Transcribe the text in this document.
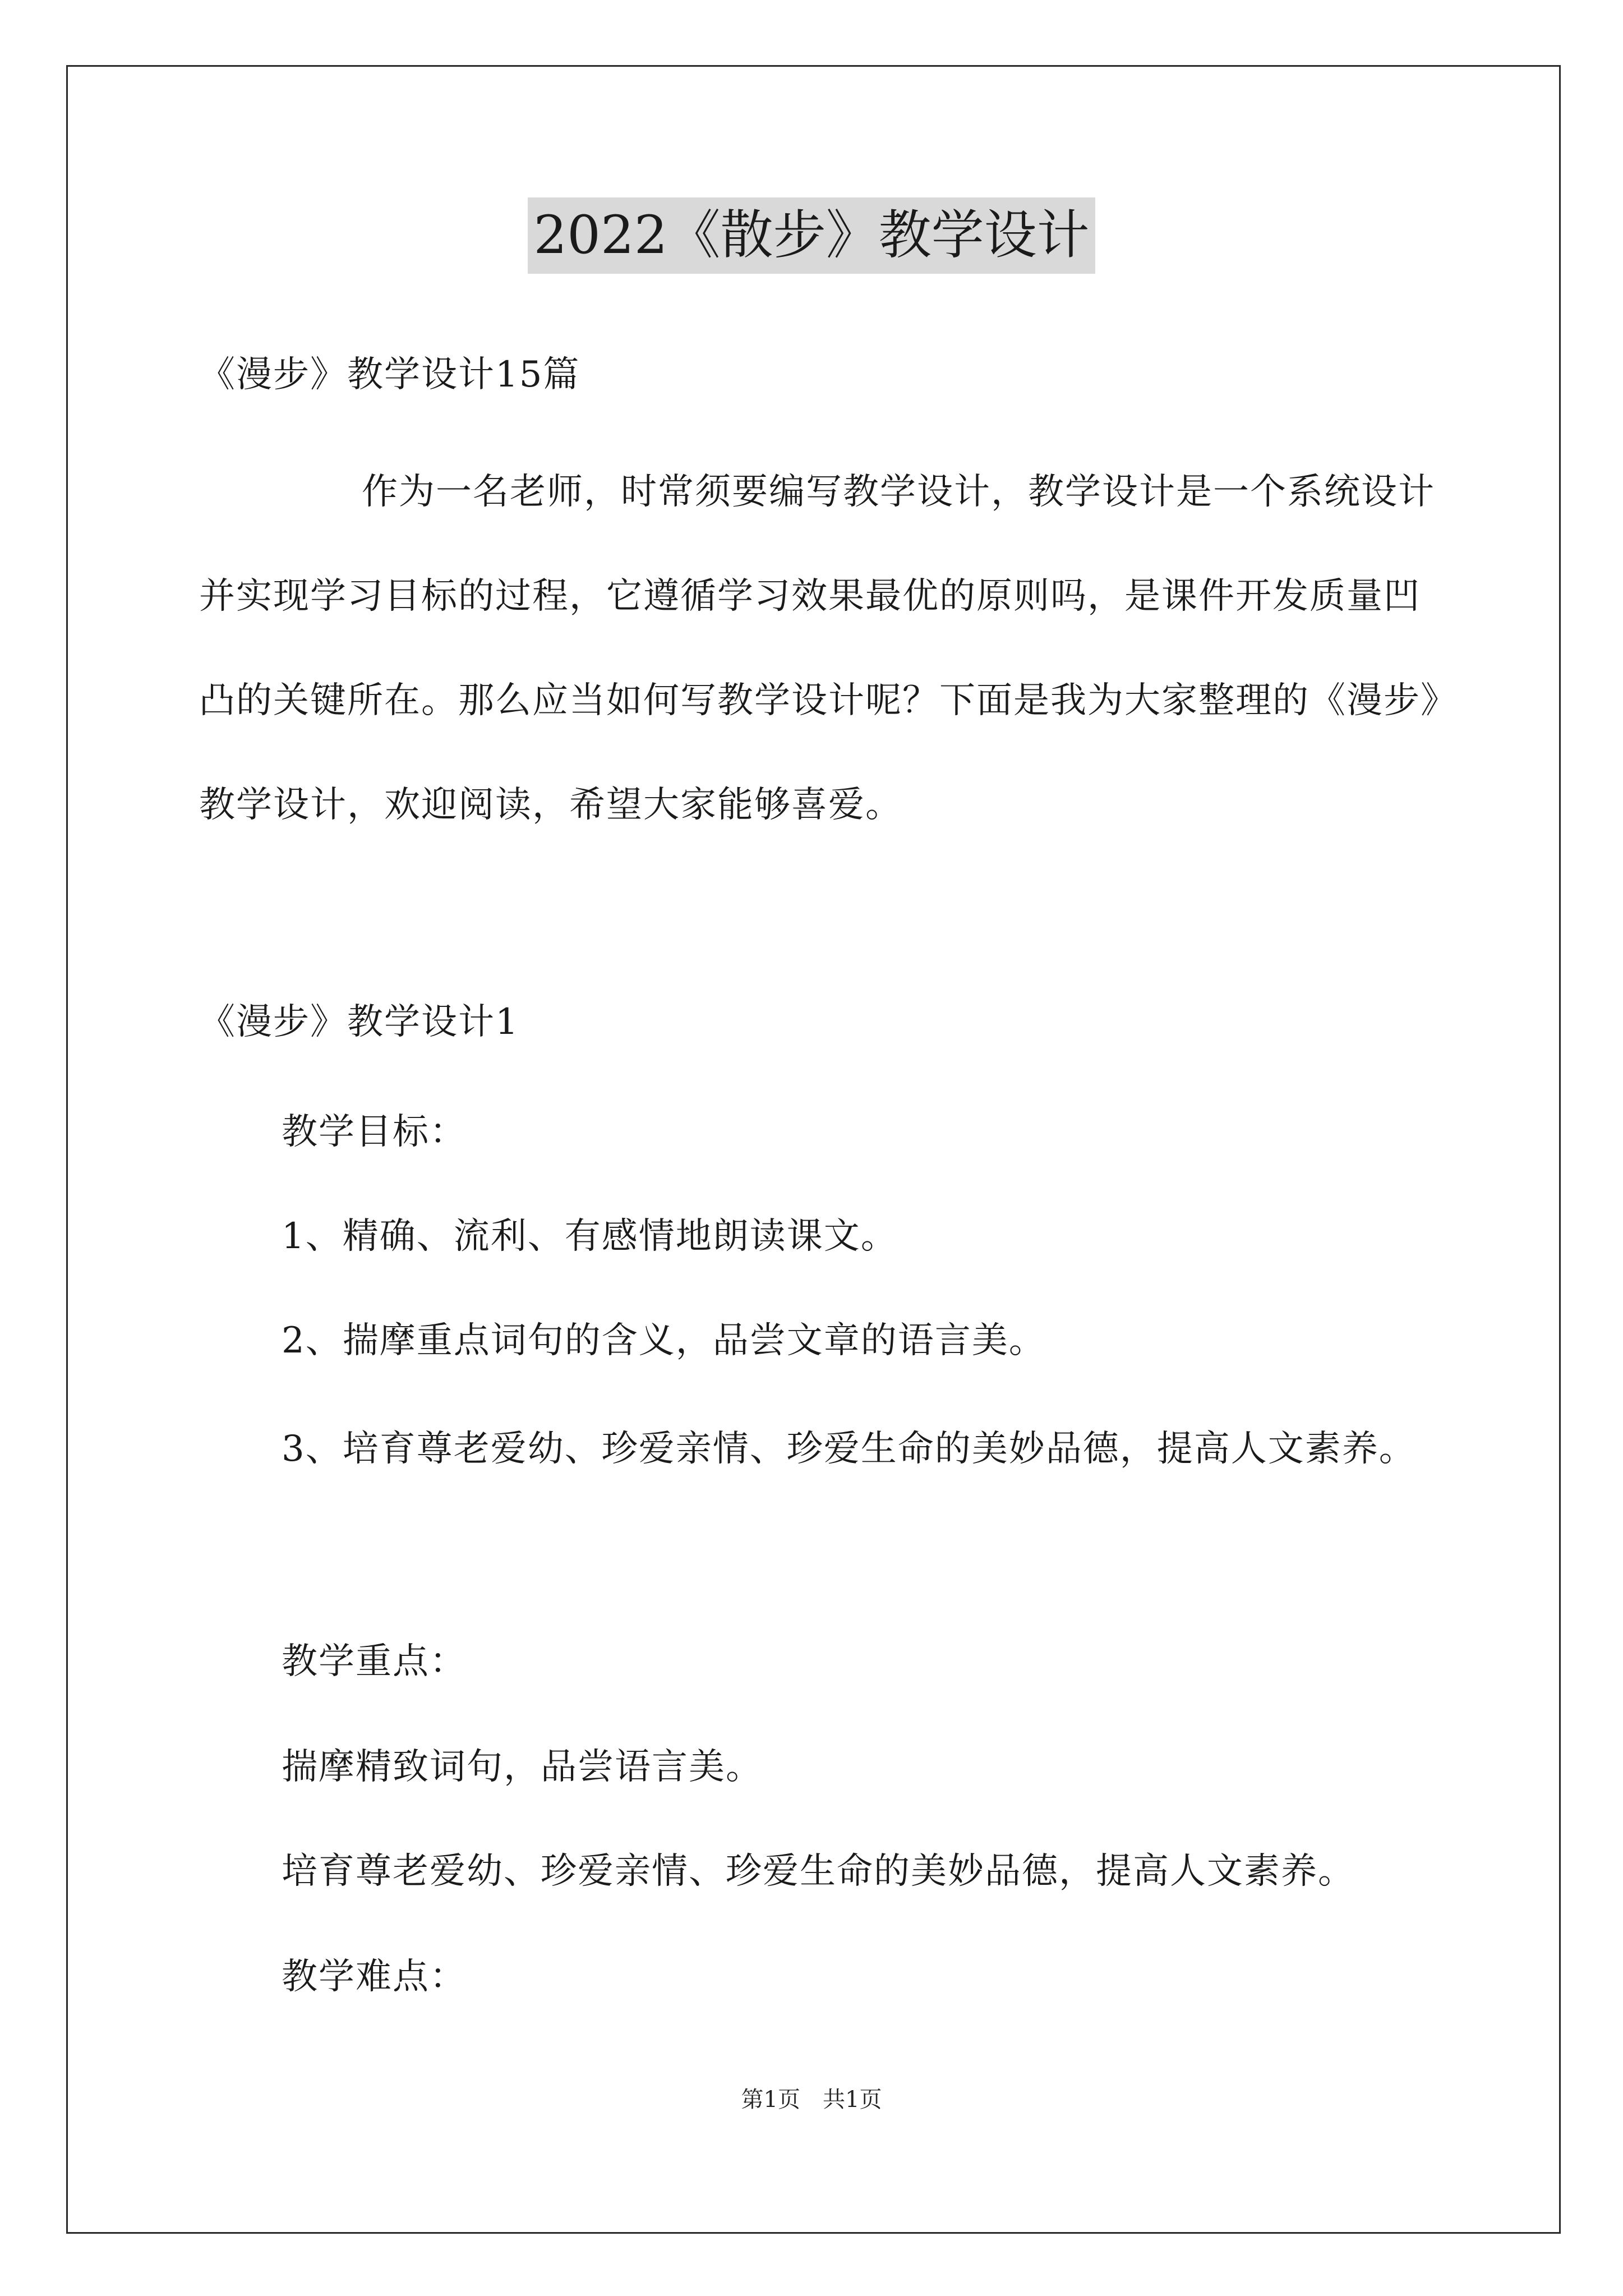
2022《散步》教学设计
《漫步》教学设计15篇
作为一名老师，时常须要编写教学设计，教学设计是一个系统设计并实现学习目标的过程，它遵循学习效果最优的原则吗，是课件开发质量凹凸的关键所在。那么应当如何写教学设计呢？下面是我为大家整理的《漫步》教学设计，欢迎阅读，希望大家能够喜爱。
《漫步》教学设计1
教学目标：
1、精确、流利、有感情地朗读课文。
2、揣摩重点词句的含义，品尝文章的语言美。
3、培育尊老爱幼、珍爱亲情、珍爱生命的美妙品德，提高人文素养。
教学重点：
揣摩精致词句，品尝语言美。
培育尊老爱幼、珍爱亲情、珍爱生命的美妙品德，提高人文素养。
教学难点：
第1页　共1页
